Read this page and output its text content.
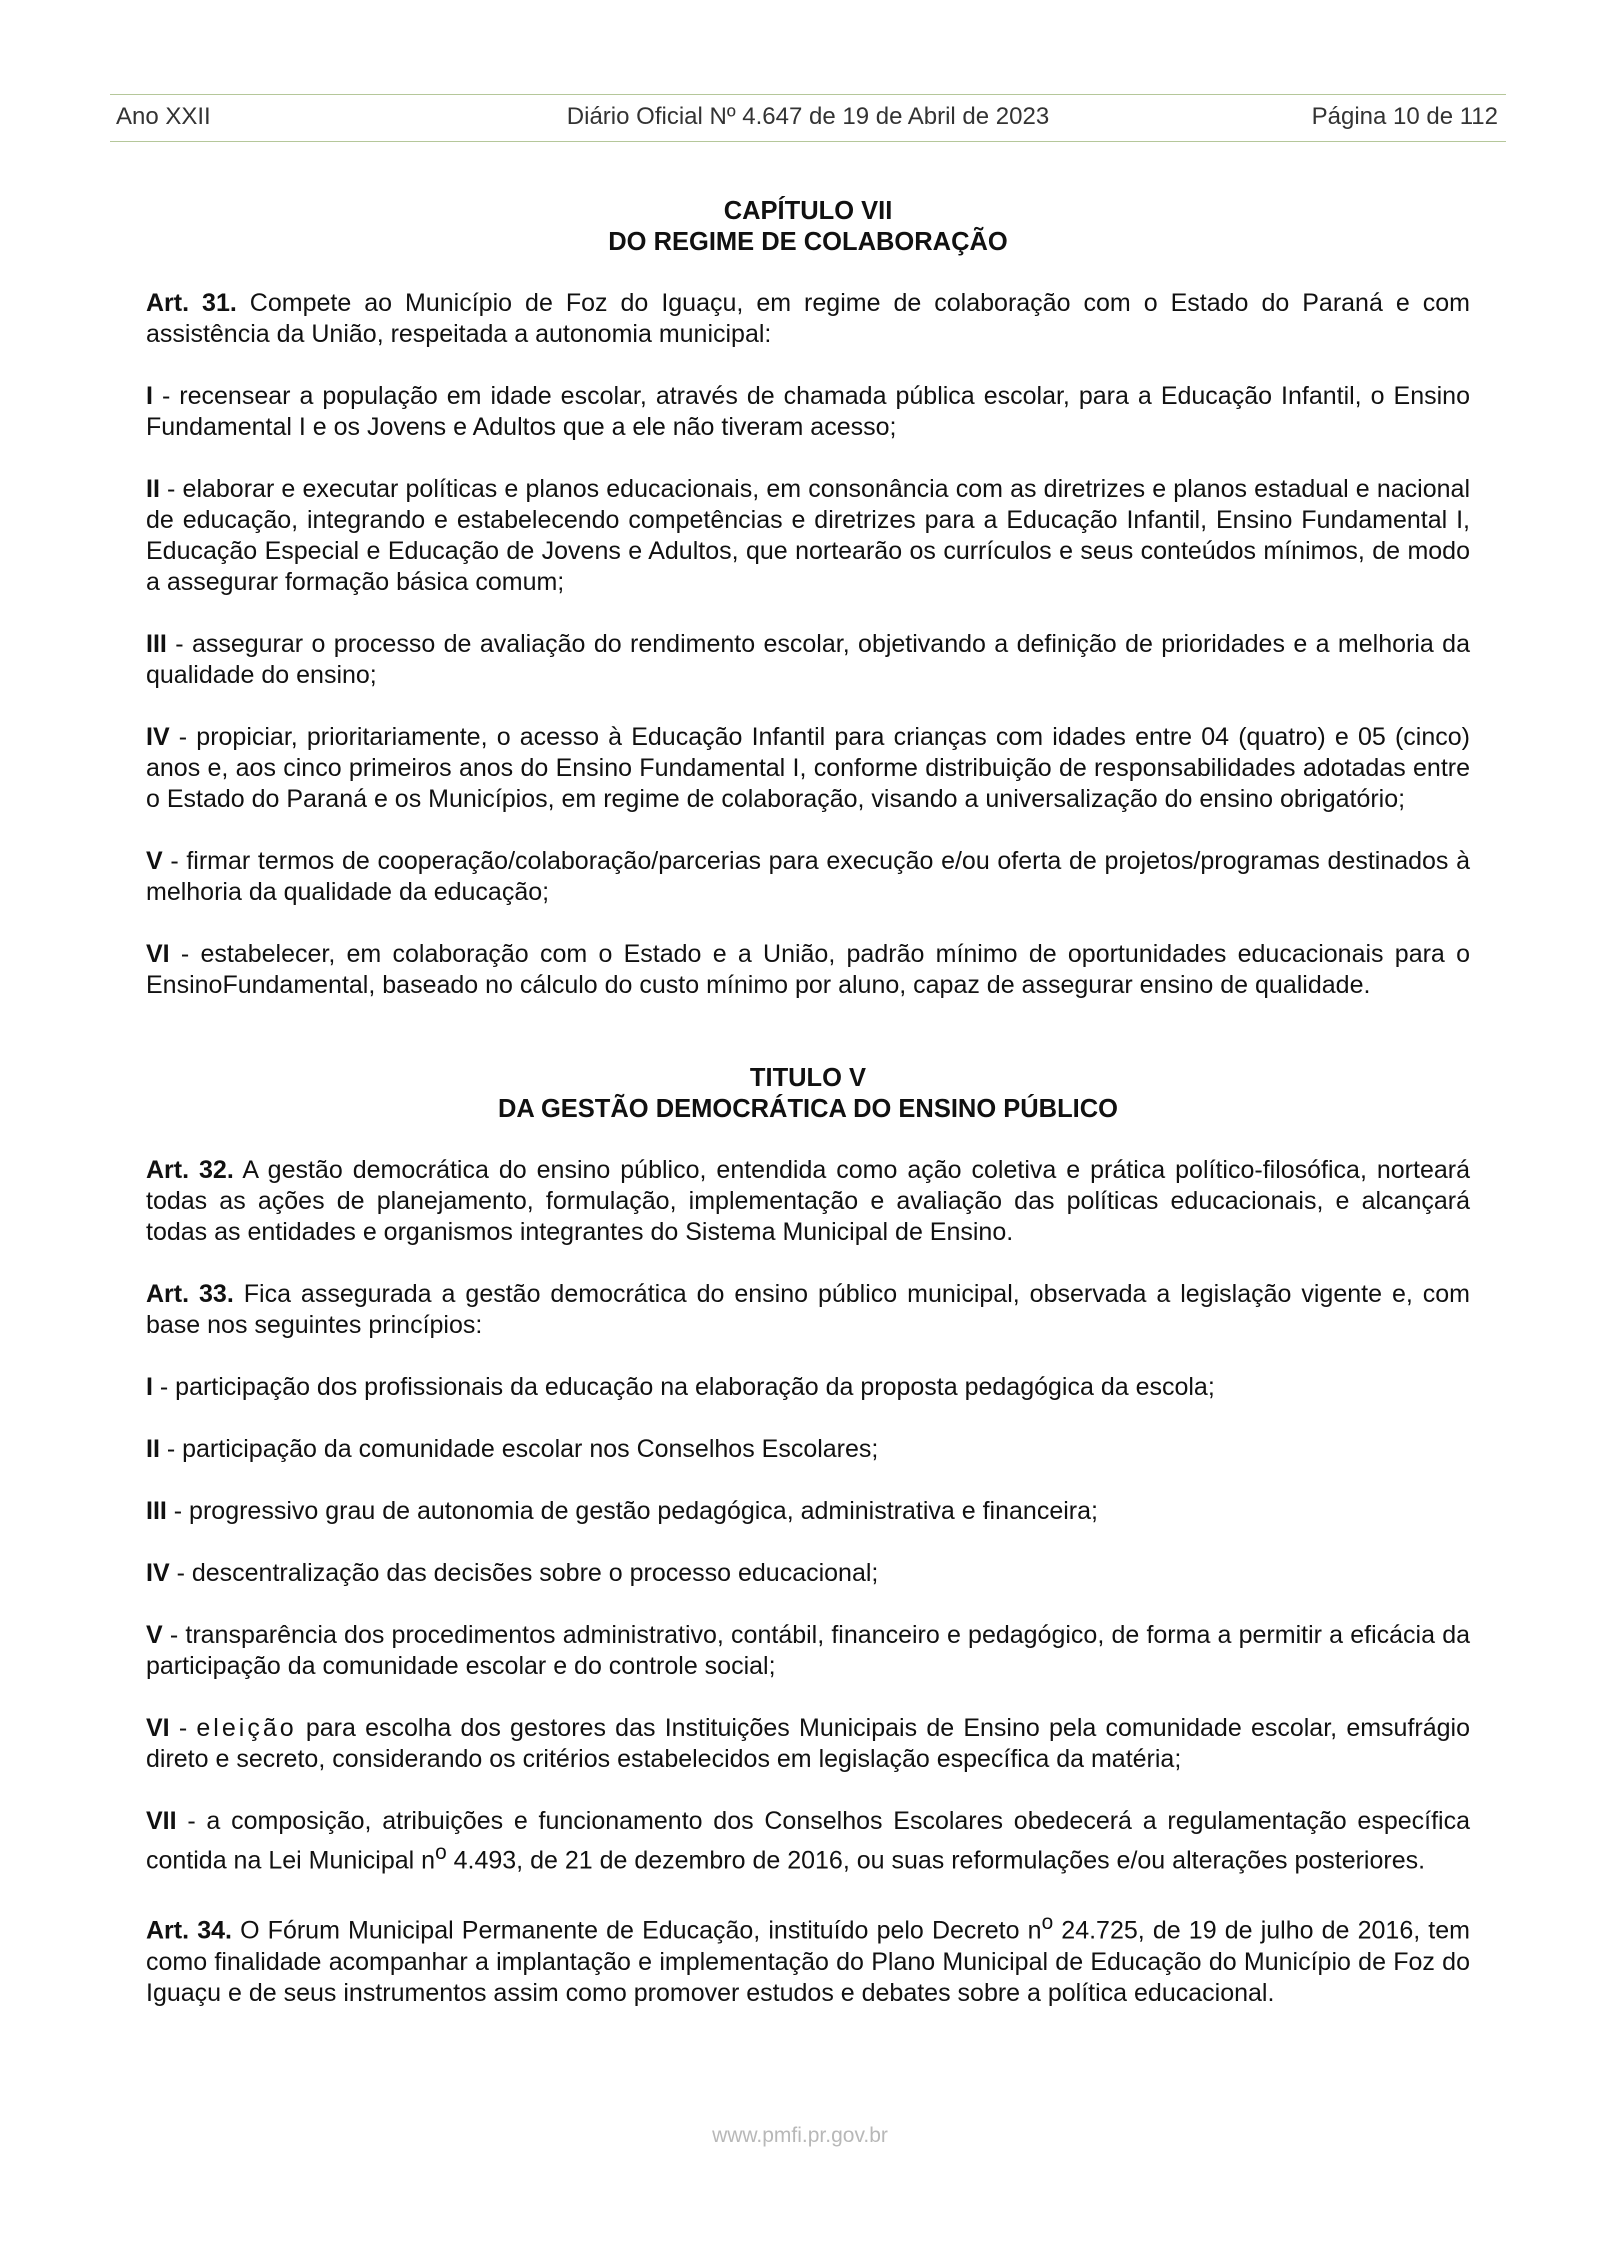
Ano XXII	Diário Oficial Nº 4.647 de 19 de Abril de 2023	Página 10 de 112
CAPÍTULO VII
DO REGIME DE COLABORAÇÃO

Art. 31. Compete ao Município de Foz do Iguaçu, em regime de colaboração com o Estado do Paraná e com assistência da União, respeitada a autonomia municipal:

I - recensear a população em idade escolar, através de chamada pública escolar, para a Educação Infantil, o Ensino Fundamental I e os Jovens e Adultos que a ele não tiveram acesso;

II - elaborar e executar políticas e planos educacionais, em consonância com as diretrizes e planos estadual e nacional de educação, integrando e estabelecendo competências e diretrizes para a Educação Infantil, Ensino Fundamental I, Educação Especial e Educação de Jovens e Adultos, que nortearão os currículos e seus conteúdos mínimos, de modo a assegurar formação básica comum;

III - assegurar o processo de avaliação do rendimento escolar, objetivando a definição de prioridades e a melhoria da qualidade do ensino;

IV - propiciar, prioritariamente, o acesso à Educação Infantil para crianças com idades entre 04 (quatro) e 05 (cinco) anos e, aos cinco primeiros anos do Ensino Fundamental I, conforme distribuição de responsabilidades adotadas entre o Estado do Paraná e os Municípios, em regime de colaboração, visando a universalização do ensino obrigatório;

V - firmar termos de cooperação/colaboração/parcerias para execução e/ou oferta de projetos/programas destinados à melhoria da qualidade da educação;

VI - estabelecer, em colaboração com o Estado e a União, padrão mínimo de oportunidades educacionais para o EnsinoFundamental, baseado no cálculo do custo mínimo por aluno, capaz de assegurar ensino de qualidade.

TITULO V
DA GESTÃO DEMOCRÁTICA DO ENSINO PÚBLICO

Art. 32. A gestão democrática do ensino público, entendida como ação coletiva e prática político-filosófica, norteará todas as ações de planejamento, formulação, implementação e avaliação das políticas educacionais, e alcançará todas as entidades e organismos integrantes do Sistema Municipal de Ensino.

Art. 33. Fica assegurada a gestão democrática do ensino público municipal, observada a legislação vigente e, com base nos seguintes princípios:

I - participação dos profissionais da educação na elaboração da proposta pedagógica da escola;

II - participação da comunidade escolar nos Conselhos Escolares;

III - progressivo grau de autonomia de gestão pedagógica, administrativa e financeira;

IV - descentralização das decisões sobre o processo educacional;

V - transparência dos procedimentos administrativo, contábil, financeiro e pedagógico, de forma a permitir a eficácia da participação da comunidade escolar e do controle social;

VI - eleição para escolha dos gestores das Instituições Municipais de Ensino pela comunidade escolar, emsufrágio direto e secreto, considerando os critérios estabelecidos em legislação específica da matéria;

VII - a composição, atribuições e funcionamento dos Conselhos Escolares obedecerá a regulamentação específica contida na Lei Municipal $n^o$ 4.493, de 21 de dezembro de 2016, ou suas reformulações e/ou alterações posteriores.

Art. 34. O Fórum Municipal Permanente de Educação, instituído pelo Decreto $n^o$ 24.725, de 19 de julho de 2016, tem como finalidade acompanhar a implantação e implementação do Plano Municipal de Educação do Município de Foz do Iguaçu e de seus instrumentos assim como promover estudos e debates sobre a política educacional.

www.pmfi.pr.gov.br
